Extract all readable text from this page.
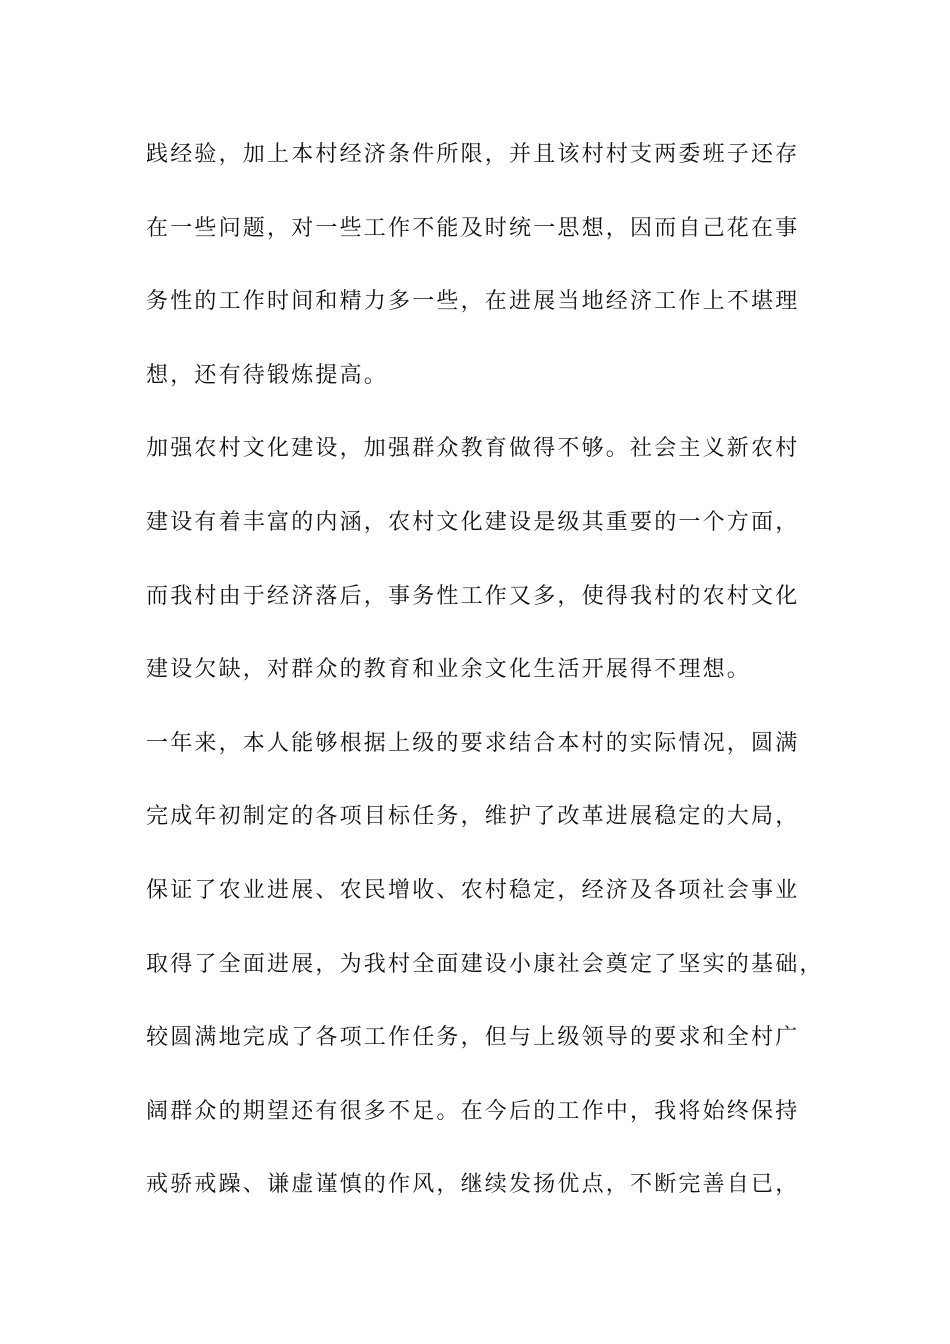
践经验，加上本村经济条件所限，并且该村村支两委班子还存
在一些问题，对一些工作不能及时统一思想，因而自己花在事
务性的工作时间和精力多一些，在进展当地经济工作上不堪理
想，还有待锻炼提高。
加强农村文化建设，加强群众教育做得不够。社会主义新农村
建设有着丰富的内涵，农村文化建设是级其重要的一个方面，
而我村由于经济落后，事务性工作又多，使得我村的农村文化
建设欠缺，对群众的教育和业余文化生活开展得不理想。
一年来，本人能够根据上级的要求结合本村的实际情况，圆满
完成年初制定的各项目标任务，维护了改革进展稳定的大局，
保证了农业进展、农民增收、农村稳定，经济及各项社会事业
取得了全面进展，为我村全面建设小康社会奠定了坚实的基础，
较圆满地完成了各项工作任务，但与上级领导的要求和全村广
阔群众的期望还有很多不足。在今后的工作中，我将始终保持
戒骄戒躁、谦虚谨慎的作风，继续发扬优点，不断完善自已，
